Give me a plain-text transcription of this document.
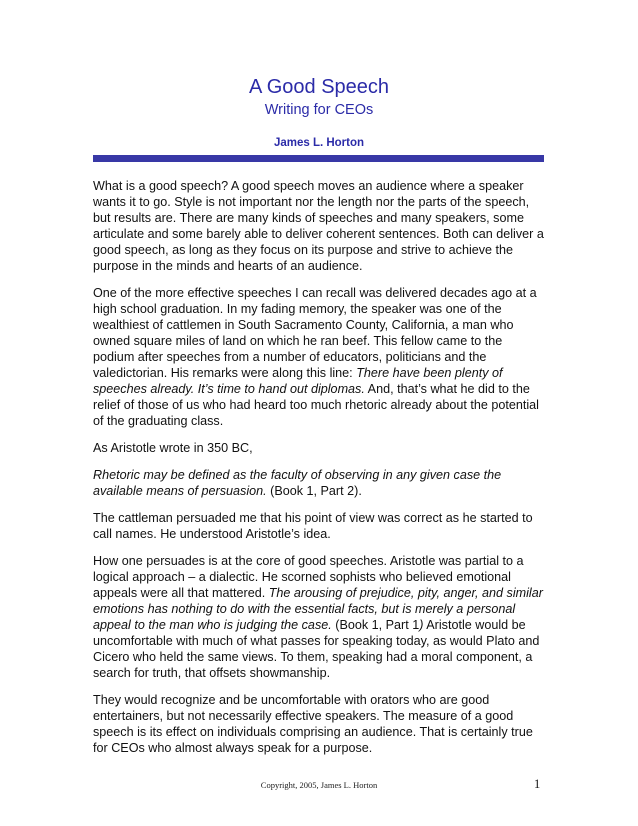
A Good Speech
Writing for CEOs
James L. Horton

What is a good speech? A good speech moves an audience where a speaker wants it to go. Style is not important nor the length nor the parts of the speech, but results are. There are many kinds of speeches and many speakers, some articulate and some barely able to deliver coherent sentences. Both can deliver a good speech, as long as they focus on its purpose and strive to achieve the purpose in the minds and hearts of an audience.

One of the more effective speeches I can recall was delivered decades ago at a high school graduation. In my fading memory, the speaker was one of the wealthiest of cattlemen in South Sacramento County, California, a man who owned square miles of land on which he ran beef. This fellow came to the podium after speeches from a number of educators, politicians and the valedictorian. His remarks were along this line: There have been plenty of speeches already. It’s time to hand out diplomas. And, that’s what he did to the relief of those of us who had heard too much rhetoric already about the potential of the graduating class.

As Aristotle wrote in 350 BC,

Rhetoric may be defined as the faculty of observing in any given case the available means of persuasion. (Book 1, Part 2).

The cattleman persuaded me that his point of view was correct as he started to call names. He understood Aristotle’s idea.

How one persuades is at the core of good speeches. Aristotle was partial to a logical approach – a dialectic. He scorned sophists who believed emotional appeals were all that mattered. The arousing of prejudice, pity, anger, and similar emotions has nothing to do with the essential facts, but is merely a personal appeal to the man who is judging the case. (Book 1, Part 1) Aristotle would be uncomfortable with much of what passes for speaking today, as would Plato and Cicero who held the same views. To them, speaking had a moral component, a search for truth, that offsets showmanship.

They would recognize and be uncomfortable with orators who are good entertainers, but not necessarily effective speakers. The measure of a good speech is its effect on individuals comprising an audience. That is certainly true for CEOs who almost always speak for a purpose.

Copyright, 2005, James L. Horton	1
